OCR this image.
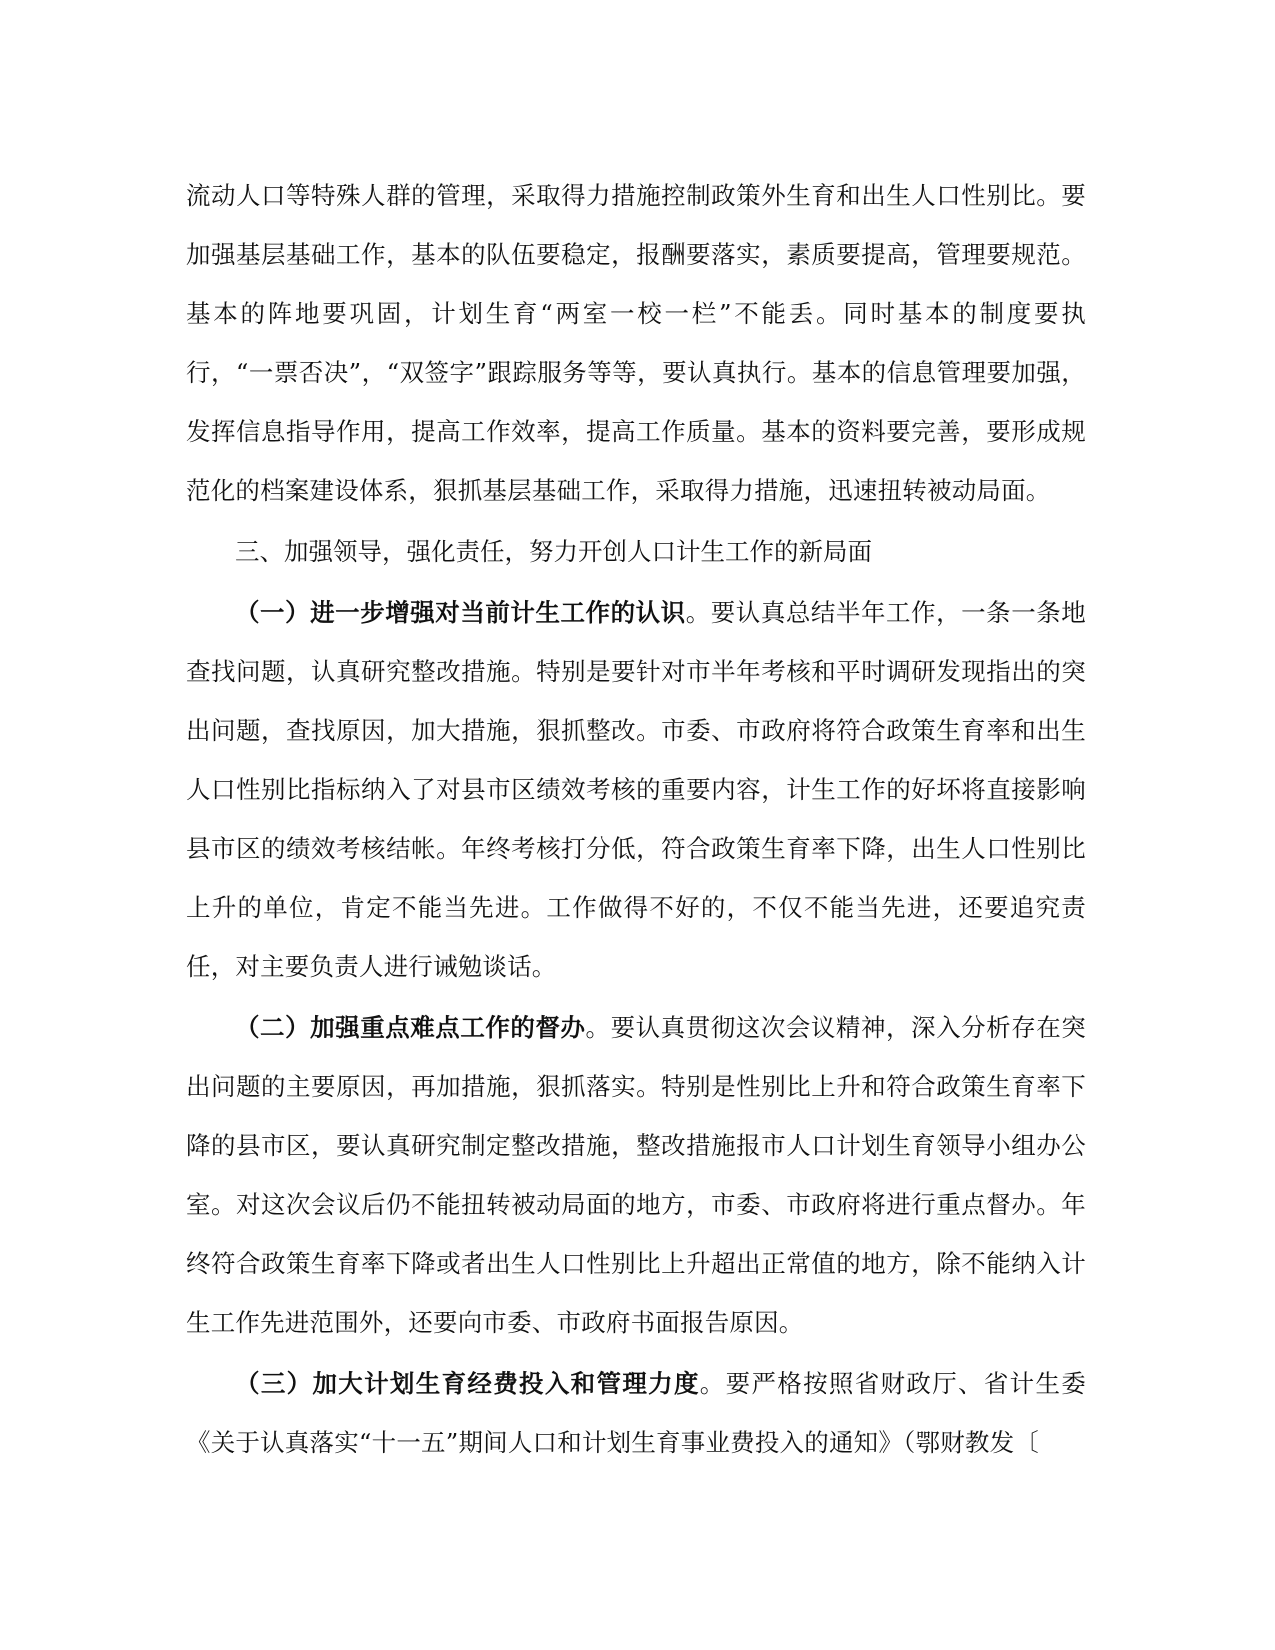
流动人口等特殊人群的管理，采取得力措施控制政策外生育和出生人口性别比。要加强基层基础工作，基本的队伍要稳定，报酬要落实，素质要提高，管理要规范。基本的阵地要巩固，计划生育“两室一校一栏”不能丢。同时基本的制度要执行，“一票否决”，“双签字”跟踪服务等等，要认真执行。基本的信息管理要加强，发挥信息指导作用，提高工作效率，提高工作质量。基本的资料要完善，要形成规范化的档案建设体系，狠抓基层基础工作，采取得力措施，迅速扭转被动局面。

三、加强领导，强化责任，努力开创人口计生工作的新局面

（一）进一步增强对当前计生工作的认识。要认真总结半年工作，一条一条地查找问题，认真研究整改措施。特别是要针对市半年考核和平时调研发现指出的突出问题，查找原因，加大措施，狠抓整改。市委、市政府将符合政策生育率和出生人口性别比指标纳入了对县市区绩效考核的重要内容，计生工作的好坏将直接影响县市区的绩效考核结帐。年终考核打分低，符合政策生育率下降，出生人口性别比上升的单位，肯定不能当先进。工作做得不好的，不仅不能当先进，还要追究责任，对主要负责人进行诫勉谈话。

（二）加强重点难点工作的督办。要认真贯彻这次会议精神，深入分析存在突出问题的主要原因，再加措施，狠抓落实。特别是性别比上升和符合政策生育率下降的县市区，要认真研究制定整改措施，整改措施报市人口计划生育领导小组办公室。对这次会议后仍不能扭转被动局面的地方，市委、市政府将进行重点督办。年终符合政策生育率下降或者出生人口性别比上升超出正常值的地方，除不能纳入计生工作先进范围外，还要向市委、市政府书面报告原因。

（三）加大计划生育经费投入和管理力度。要严格按照省财政厅、省计生委《关于认真落实“十一五”期间人口和计划生育事业费投入的通知》（鄂财教发〔
